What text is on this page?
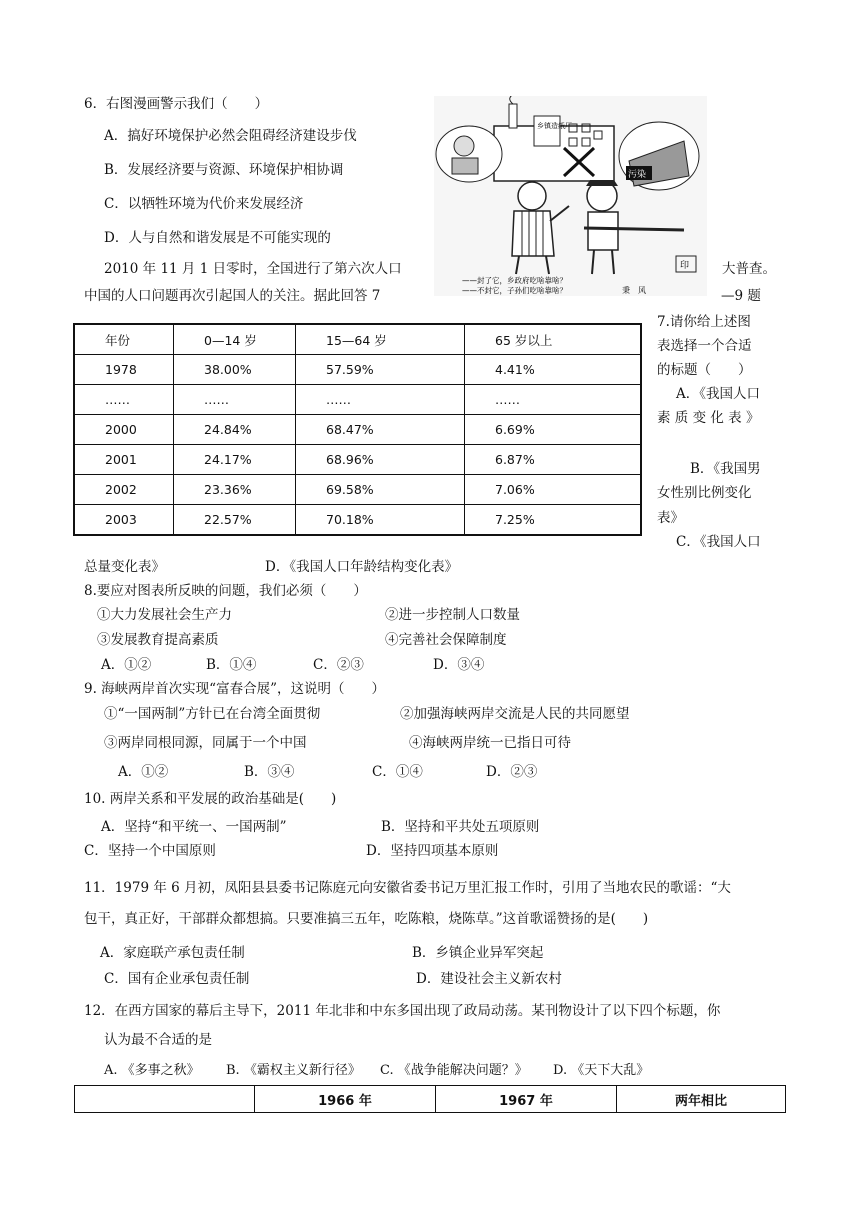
6．右图漫画警示我们（　　）
A．搞好环境保护必然会阻碍经济建设步伐
B．发展经济要与资源、环境保护相协调
C．以牺牲环境为代价来发展经济
D．人与自然和谐发展是不可能实现的
乡镇造纸厂
污染
印
——封了它，乡政府吃啥靠啥？
——不封它，子孙们吃啥靠啥？	秉　风
2010 年 11 月 1 日零时，全国进行了第六次人口	大普查。
中国的人口问题再次引起国人的关注。据此回答 7	—9 题
年份	0—14 岁	15—64 岁	65 岁以上
1978	38.00%	57.59%	4.41%
……	……	……	……
2000	24.84%	68.47%	6.69%
2001	24.17%	68.96%	6.87%
2002	23.36%	69.58%	7.06%
2003	22.57%	70.18%	7.25%
7.请你给上述图
表选择一个合适
的标题（　　）
A．《我国人口
素 质 变 化 表 》
B．《我国男
女性别比例变化
表》
C．《我国人口
总量变化表》	D．《我国人口年龄结构变化表》
8.要应对图表所反映的问题，我们必须（　　）
①大力发展社会生产力	②进一步控制人口数量
③发展教育提高素质	④完善社会保障制度
A．①②	B．①④	C．②③	D．③④
9. 海峡两岸首次实现“富春合展”，这说明（　　）
①“一国两制”方针已在台湾全面贯彻	②加强海峡两岸交流是人民的共同愿望
③两岸同根同源，同属于一个中国	④海峡两岸统一已指日可待
A．①②	B．③④	C．①④	D．②③
10. 两岸关系和平发展的政治基础是(　　)
A．坚持“和平统一、一国两制”	B．坚持和平共处五项原则
C．坚持一个中国原则	D．坚持四项基本原则
11．1979 年 6 月初，凤阳县县委书记陈庭元向安徽省委书记万里汇报工作时，引用了当地农民的歌谣：“大
包干，真正好，干部群众都想搞。只要准搞三五年，吃陈粮，烧陈草。”这首歌谣赞扬的是(　　)
A．家庭联产承包责任制	B．乡镇企业异军突起
C．国有企业承包责任制	D．建设社会主义新农村
12．在西方国家的幕后主导下，2011 年北非和中东多国出现了政局动荡。某刊物设计了以下四个标题，你
认为最不合适的是
A. 《多事之秋》 B. 《霸权主义新行径》 C. 《战争能解决问题？》 D. 《天下大乱》
	1966 年	1967 年	两年相比
